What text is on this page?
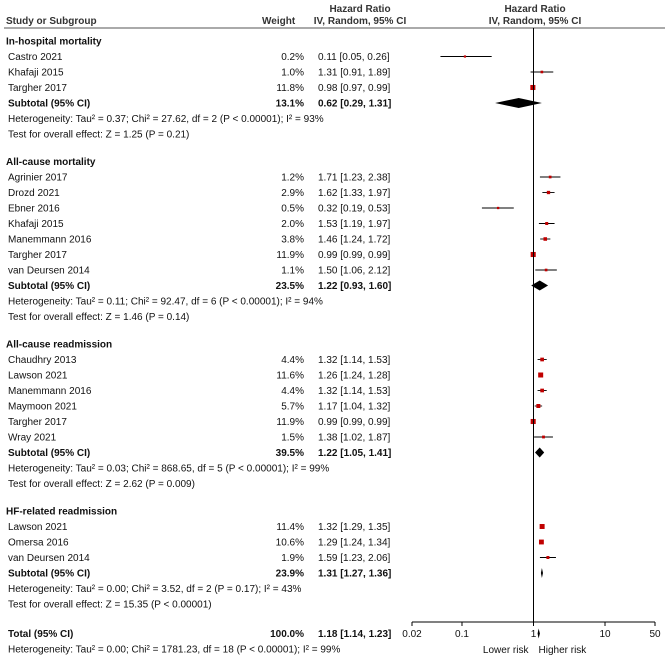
Study or Subgroup	Weight
Hazard Ratio
IV, Random, 95% CI
Hazard Ratio
IV, Random, 95% CI
In-hospital mortality
Castro 2021	0.2% 0.11 [0.05, 0.26]
Khafaji 2015	1.0% 1.31 [0.91, 1.89]
Targher 2017	11.8% 0.98 [0.97, 0.99]
Subtotal (95% CI)	13.1% 0.62 [0.29, 1.31]
Heterogeneity: Tau² = 0.37; Chi² = 27.62, df = 2 (P < 0.00001); I² = 93%
Test for overall effect: Z = 1.25 (P = 0.21)
All-cause mortality
Agrinier 2017	1.2% 1.71 [1.23, 2.38]
Drozd 2021	2.9% 1.62 [1.33, 1.97]
Ebner 2016	0.5% 0.32 [0.19, 0.53]
Khafaji 2015	2.0% 1.53 [1.19, 1.97]
Manemmann 2016	3.8% 1.46 [1.24, 1.72]
Targher 2017	11.9% 0.99 [0.99, 0.99]
van Deursen 2014	1.1% 1.50 [1.06, 2.12]
Subtotal (95% CI)	23.5% 1.22 [0.93, 1.60]
Heterogeneity: Tau² = 0.11; Chi² = 92.47, df = 6 (P < 0.00001); I² = 94%
Test for overall effect: Z = 1.46 (P = 0.14)
All-cause readmission
Chaudhry 2013	4.4% 1.32 [1.14, 1.53]
Lawson 2021	11.6% 1.26 [1.24, 1.28]
Manemmann 2016	4.4% 1.32 [1.14, 1.53]
Maymoon 2021	5.7% 1.17 [1.04, 1.32]
Targher 2017	11.9% 0.99 [0.99, 0.99]
Wray 2021	1.5% 1.38 [1.02, 1.87]
Subtotal (95% CI)	39.5% 1.22 [1.05, 1.41]
Heterogeneity: Tau² = 0.03; Chi² = 868.65, df = 5 (P < 0.00001); I² = 99%
Test for overall effect: Z = 2.62 (P = 0.009)
HF-related readmission
Lawson 2021	11.4% 1.32 [1.29, 1.35]
Omersa 2016	10.6% 1.29 [1.24, 1.34]
van Deursen 2014	1.9% 1.59 [1.23, 2.06]
Subtotal (95% CI)	23.9% 1.31 [1.27, 1.36]
Heterogeneity: Tau² = 0.00; Chi² = 3.52, df = 2 (P = 0.17); I² = 43%
Test for overall effect: Z = 15.35 (P < 0.00001)
Total (95% CI)	100.0% 1.18 [1.14, 1.23]
Heterogeneity: Tau² = 0.00; Chi² = 1781.23, df = 18 (P < 0.00001); I² = 99%
0.02	0.1	1	10	50
Lower risk Higher risk
